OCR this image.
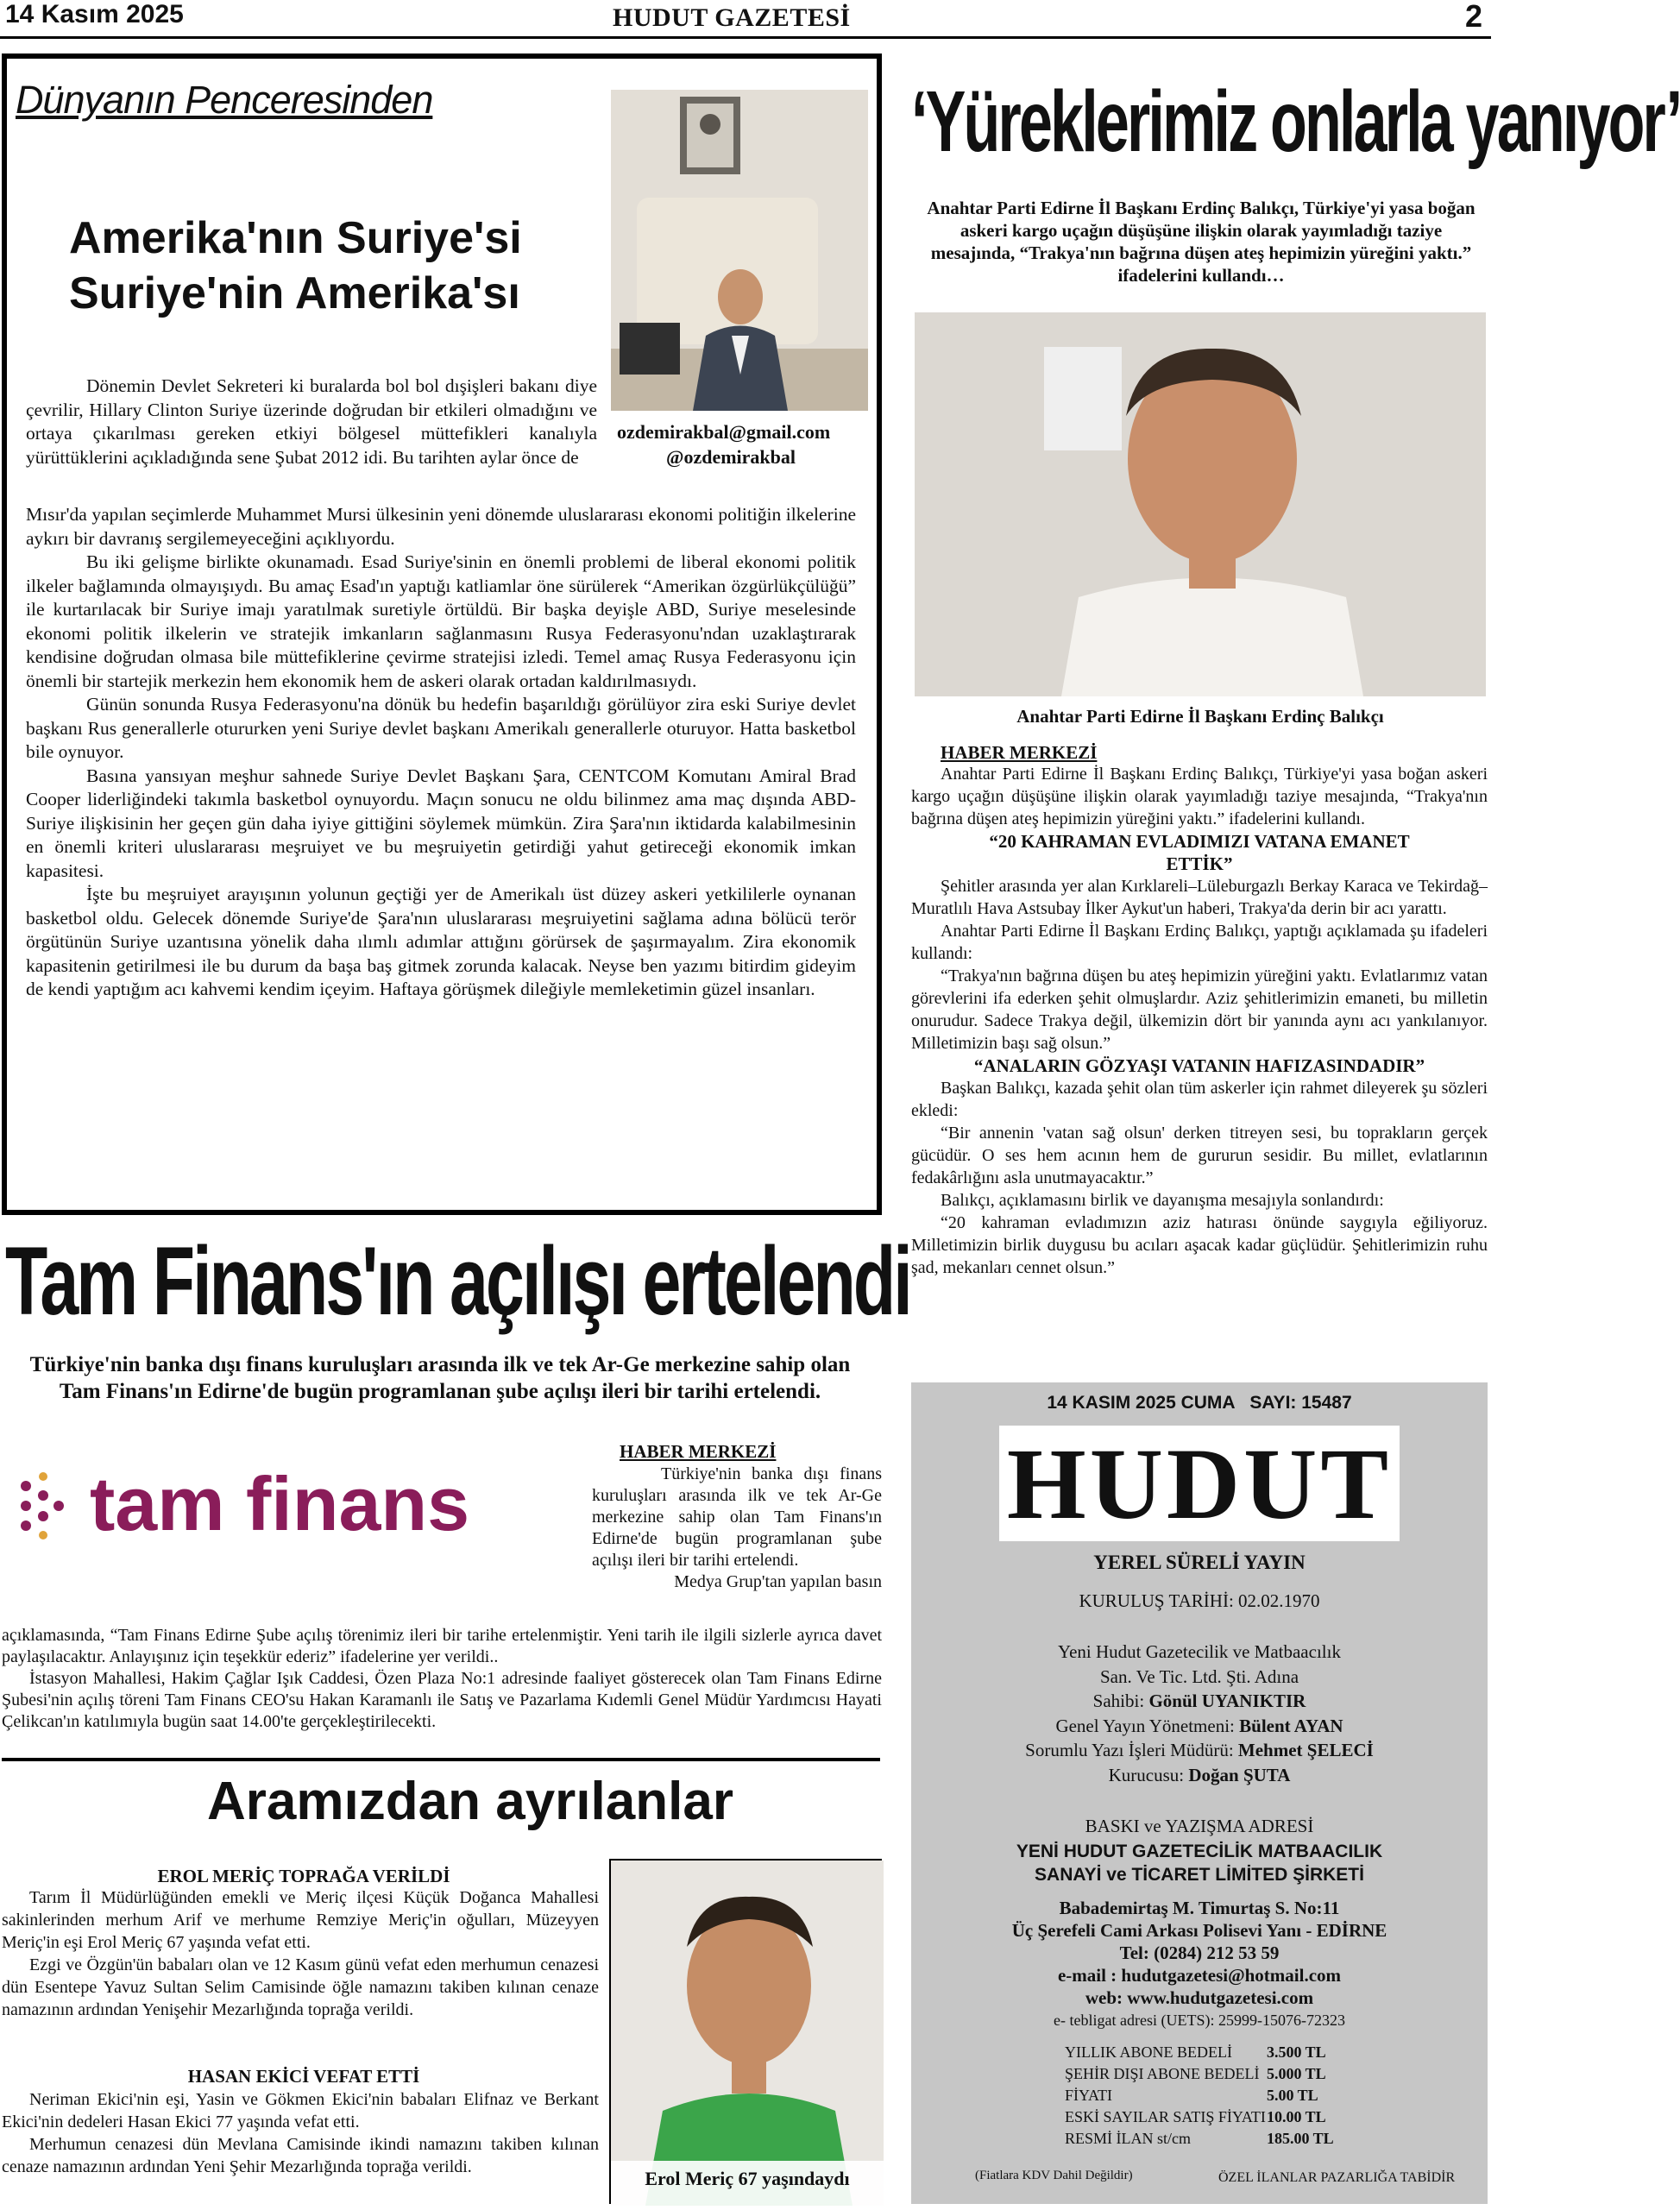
14 Kasım 2025	HUDUT GAZETESİ	2
Dünyanın Penceresinden
Amerika'nın Suriye'si
Suriye'nin Amerika'sı
ozdemirakbal@gmail.com
@ozdemirakbal

Dönemin Devlet Sekreteri ki buralarda bol bol dışişleri bakanı diye çevrilir, Hillary Clinton Suriye üzerinde doğrudan bir etkileri olmadığını ve ortaya çıkarılması gereken etkiyi bölgesel müttefikleri kanalıyla yürüttüklerini açıkladığında sene Şubat 2012 idi. Bu tarihten aylar önce de

Mısır'da yapılan seçimlerde Muhammet Mursi ülkesinin yeni dönemde uluslararası ekonomi politiğin ilkelerine aykırı bir davranış sergilemeyeceğini açıklıyordu.

Bu iki gelişme birlikte okunamadı. Esad Suriye'sinin en önemli problemi de liberal ekonomi politik ilkeler bağlamında olmayışıydı. Bu amaç Esad'ın yaptığı katliamlar öne sürülerek “Amerikan özgürlükçülüğü” ile kurtarılacak bir Suriye imajı yaratılmak suretiyle örtüldü. Bir başka deyişle ABD, Suriye meselesinde ekonomi politik ilkelerin ve stratejik imkanların sağlanmasını Rusya Federasyonu'ndan uzaklaştırarak kendisine doğrudan olmasa bile müttefiklerine çevirme stratejisi izledi. Temel amaç Rusya Federasyonu için önemli bir startejik merkezin hem ekonomik hem de askeri olarak ortadan kaldırılmasıydı.

Günün sonunda Rusya Federasyonu'na dönük bu hedefin başarıldığı görülüyor zira eski Suriye devlet başkanı Rus generallerle otururken yeni Suriye devlet başkanı Amerikalı generallerle oturuyor. Hatta basketbol bile oynuyor.

Basına yansıyan meşhur sahnede Suriye Devlet Başkanı Şara, CENTCOM Komutanı Amiral Brad Cooper liderliğindeki takımla basketbol oynuyordu. Maçın sonucu ne oldu bilinmez ama maç dışında ABD-Suriye ilişkisinin her geçen gün daha iyiye gittiğini söylemek mümkün. Zira Şara'nın iktidarda kalabilmesinin en önemli kriteri uluslararası meşruiyet ve bu meşruiyetin getirdiği yahut getireceği ekonomik imkan kapasitesi.

İşte bu meşruiyet arayışının yolunun geçtiği yer de Amerikalı üst düzey askeri yetkililerle oynanan basketbol oldu. Gelecek dönemde Suriye'de Şara'nın uluslararası meşruiyetini sağlama adına bölücü terör örgütünün Suriye uzantısına yönelik daha ılımlı adımlar attığını görürsek de şaşırmayalım. Zira ekonomik kapasitenin getirilmesi ile bu durum da başa baş gitmek zorunda kalacak. Neyse ben yazımı bitirdim gideyim de kendi yaptığım acı kahvemi kendim içeyim. Haftaya görüşmek dileğiyle memleketimin güzel insanları.

‘Yüreklerimiz onlarla yanıyor’
Anahtar Parti Edirne İl Başkanı Erdinç Balıkçı, Türkiye'yi yasa boğan askeri kargo uçağın düşüşüne ilişkin olarak yayımladığı taziye mesajında, “Trakya'nın bağrına düşen ateş hepimizin yüreğini yaktı.” ifadelerini kullandı…
Anahtar Parti Edirne İl Başkanı Erdinç Balıkçı
HABER MERKEZİ

Anahtar Parti Edirne İl Başkanı Erdinç Balıkçı, Türkiye'yi yasa boğan askeri kargo uçağın düşüşüne ilişkin olarak yayımladığı taziye mesajında, “Trakya'nın bağrına düşen ateş hepimizin yüreğini yaktı.” ifadelerini kullandı.

“20 KAHRAMAN EVLADIMIZI VATANA EMANET ETTİK”

Şehitler arasında yer alan Kırklareli–Lüleburgazlı Berkay Karaca ve Tekirdağ–Muratlılı Hava Astsubay İlker Aykut'un haberi, Trakya'da derin bir acı yarattı.

Anahtar Parti Edirne İl Başkanı Erdinç Balıkçı, yaptığı açıklamada şu ifadeleri kullandı:

“Trakya'nın bağrına düşen bu ateş hepimizin yüreğini yaktı. Evlatlarımız vatan görevlerini ifa ederken şehit olmuşlardır. Aziz şehitlerimizin emaneti, bu milletin onurudur. Sadece Trakya değil, ülkemizin dört bir yanında aynı acı yankılanıyor. Milletimizin başı sağ olsun.”

“ANALARIN GÖZYAŞI VATANIN HAFIZASINDADIR”

Başkan Balıkçı, kazada şehit olan tüm askerler için rahmet dileyerek şu sözleri ekledi:

“Bir annenin 'vatan sağ olsun' derken titreyen sesi, bu toprakların gerçek gücüdür. O ses hem acının hem de gururun sesidir. Bu millet, evlatlarının fedakârlığını asla unutmayacaktır.”

Balıkçı, açıklamasını birlik ve dayanışma mesajıyla sonlandırdı:

“20 kahraman evladımızın aziz hatırası önünde saygıyla eğiliyoruz. Milletimizin birlik duygusu bu acıları aşacak kadar güçlüdür. Şehitlerimizin ruhu şad, mekanları cennet olsun.”

Tam Finans'ın açılışı ertelendi
Türkiye'nin banka dışı finans kuruluşları arasında ilk ve tek Ar-Ge merkezine sahip olan Tam Finans'ın Edirne'de bugün programlanan şube açılışı ileri bir tarihi ertelendi.
tam finans
HABER MERKEZİ

Türkiye'nin banka dışı finans kuruluşları arasında ilk ve tek Ar-Ge merkezine sahip olan Tam Finans'ın Edirne'de bugün programlanan şube açılışı ileri bir tarihi ertelendi.

Medya Grup'tan yapılan basın

açıklamasında, “Tam Finans Edirne Şube açılış törenimiz ileri bir tarihe ertelenmiştir. Yeni tarih ile ilgili sizlerle ayrıca davet paylaşılacaktır. Anlayışınız için teşekkür ederiz” ifadelerine yer verildi..

İstasyon Mahallesi, Hakim Çağlar Işık Caddesi, Özen Plaza No:1 adresinde faaliyet gösterecek olan Tam Finans Edirne Şubesi'nin açılış töreni Tam Finans CEO'su Hakan Karamanlı ile Satış ve Pazarlama Kıdemli Genel Müdür Yardımcısı Hayati Çelikcan'ın katılımıyla bugün saat 14.00'te gerçekleştirilecekti.

Aramızdan ayrılanlar
EROL MERİÇ TOPRAĞA VERİLDİ

Tarım İl Müdürlüğünden emekli ve Meriç ilçesi Küçük Doğanca Mahallesi sakinlerinden merhum Arif ve merhume Remziye Meriç'in oğulları, Müzeyyen Meriç'in eşi Erol Meriç 67 yaşında vefat etti.

Ezgi ve Özgün'ün babaları olan ve 12 Kasım günü vefat eden merhumun cenazesi dün Esentepe Yavuz Sultan Selim Camisinde öğle namazını takiben kılınan cenaze namazının ardından Yenişehir Mezarlığında toprağa verildi.

HASAN EKİCİ VEFAT ETTİ

Neriman Ekici'nin eşi, Yasin ve Gökmen Ekici'nin babaları Elifnaz ve Berkant Ekici'nin dedeleri Hasan Ekici 77 yaşında vefat etti.

Merhumun cenazesi dün Mevlana Camisinde ikindi namazını takiben kılınan cenaze namazının ardından Yeni Şehir Mezarlığında toprağa verildi.

Erol Meriç 67 yaşındaydı
14 KASIM 2025 CUMA   SAYI: 15487
HUDUT
YEREL SÜRELİ YAYIN
KURULUŞ TARİHİ: 02.02.1970
Yeni Hudut Gazetecilik ve Matbaacılık
San. Ve Tic. Ltd. Şti. Adına
Sahibi: Gönül UYANIKTIR
Genel Yayın Yönetmeni: Bülent AYAN
Sorumlu Yazı İşleri Müdürü: Mehmet ŞELECİ
Kurucusu: Doğan ŞUTA
BASKI ve YAZIŞMA ADRESİ
YENİ HUDUT GAZETECİLİK MATBAACILIK
SANAYİ ve TİCARET LİMİTED ŞİRKETİ
Babademirtaş M. Timurtaş S. No:11
Üç Şerefeli Cami Arkası Polisevi Yanı - EDİRNE
Tel: (0284) 212 53 59
e-mail : hudutgazetesi@hotmail.com
web: www.hudutgazetesi.com
e- tebligat adresi (UETS): 25999-15076-72323
YILLIK ABONE BEDELİ	3.500 TL
ŞEHİR DIŞI ABONE BEDELİ 5.000 TL
FİYATI	5.00 TL
ESKİ SAYILAR SATIŞ FİYATI 10.00 TL
RESMİ İLAN st/cm	185.00 TL
(Fiatlara KDV Dahil Değildir)	ÖZEL İLANLAR PAZARLIĞA TABİDİR
